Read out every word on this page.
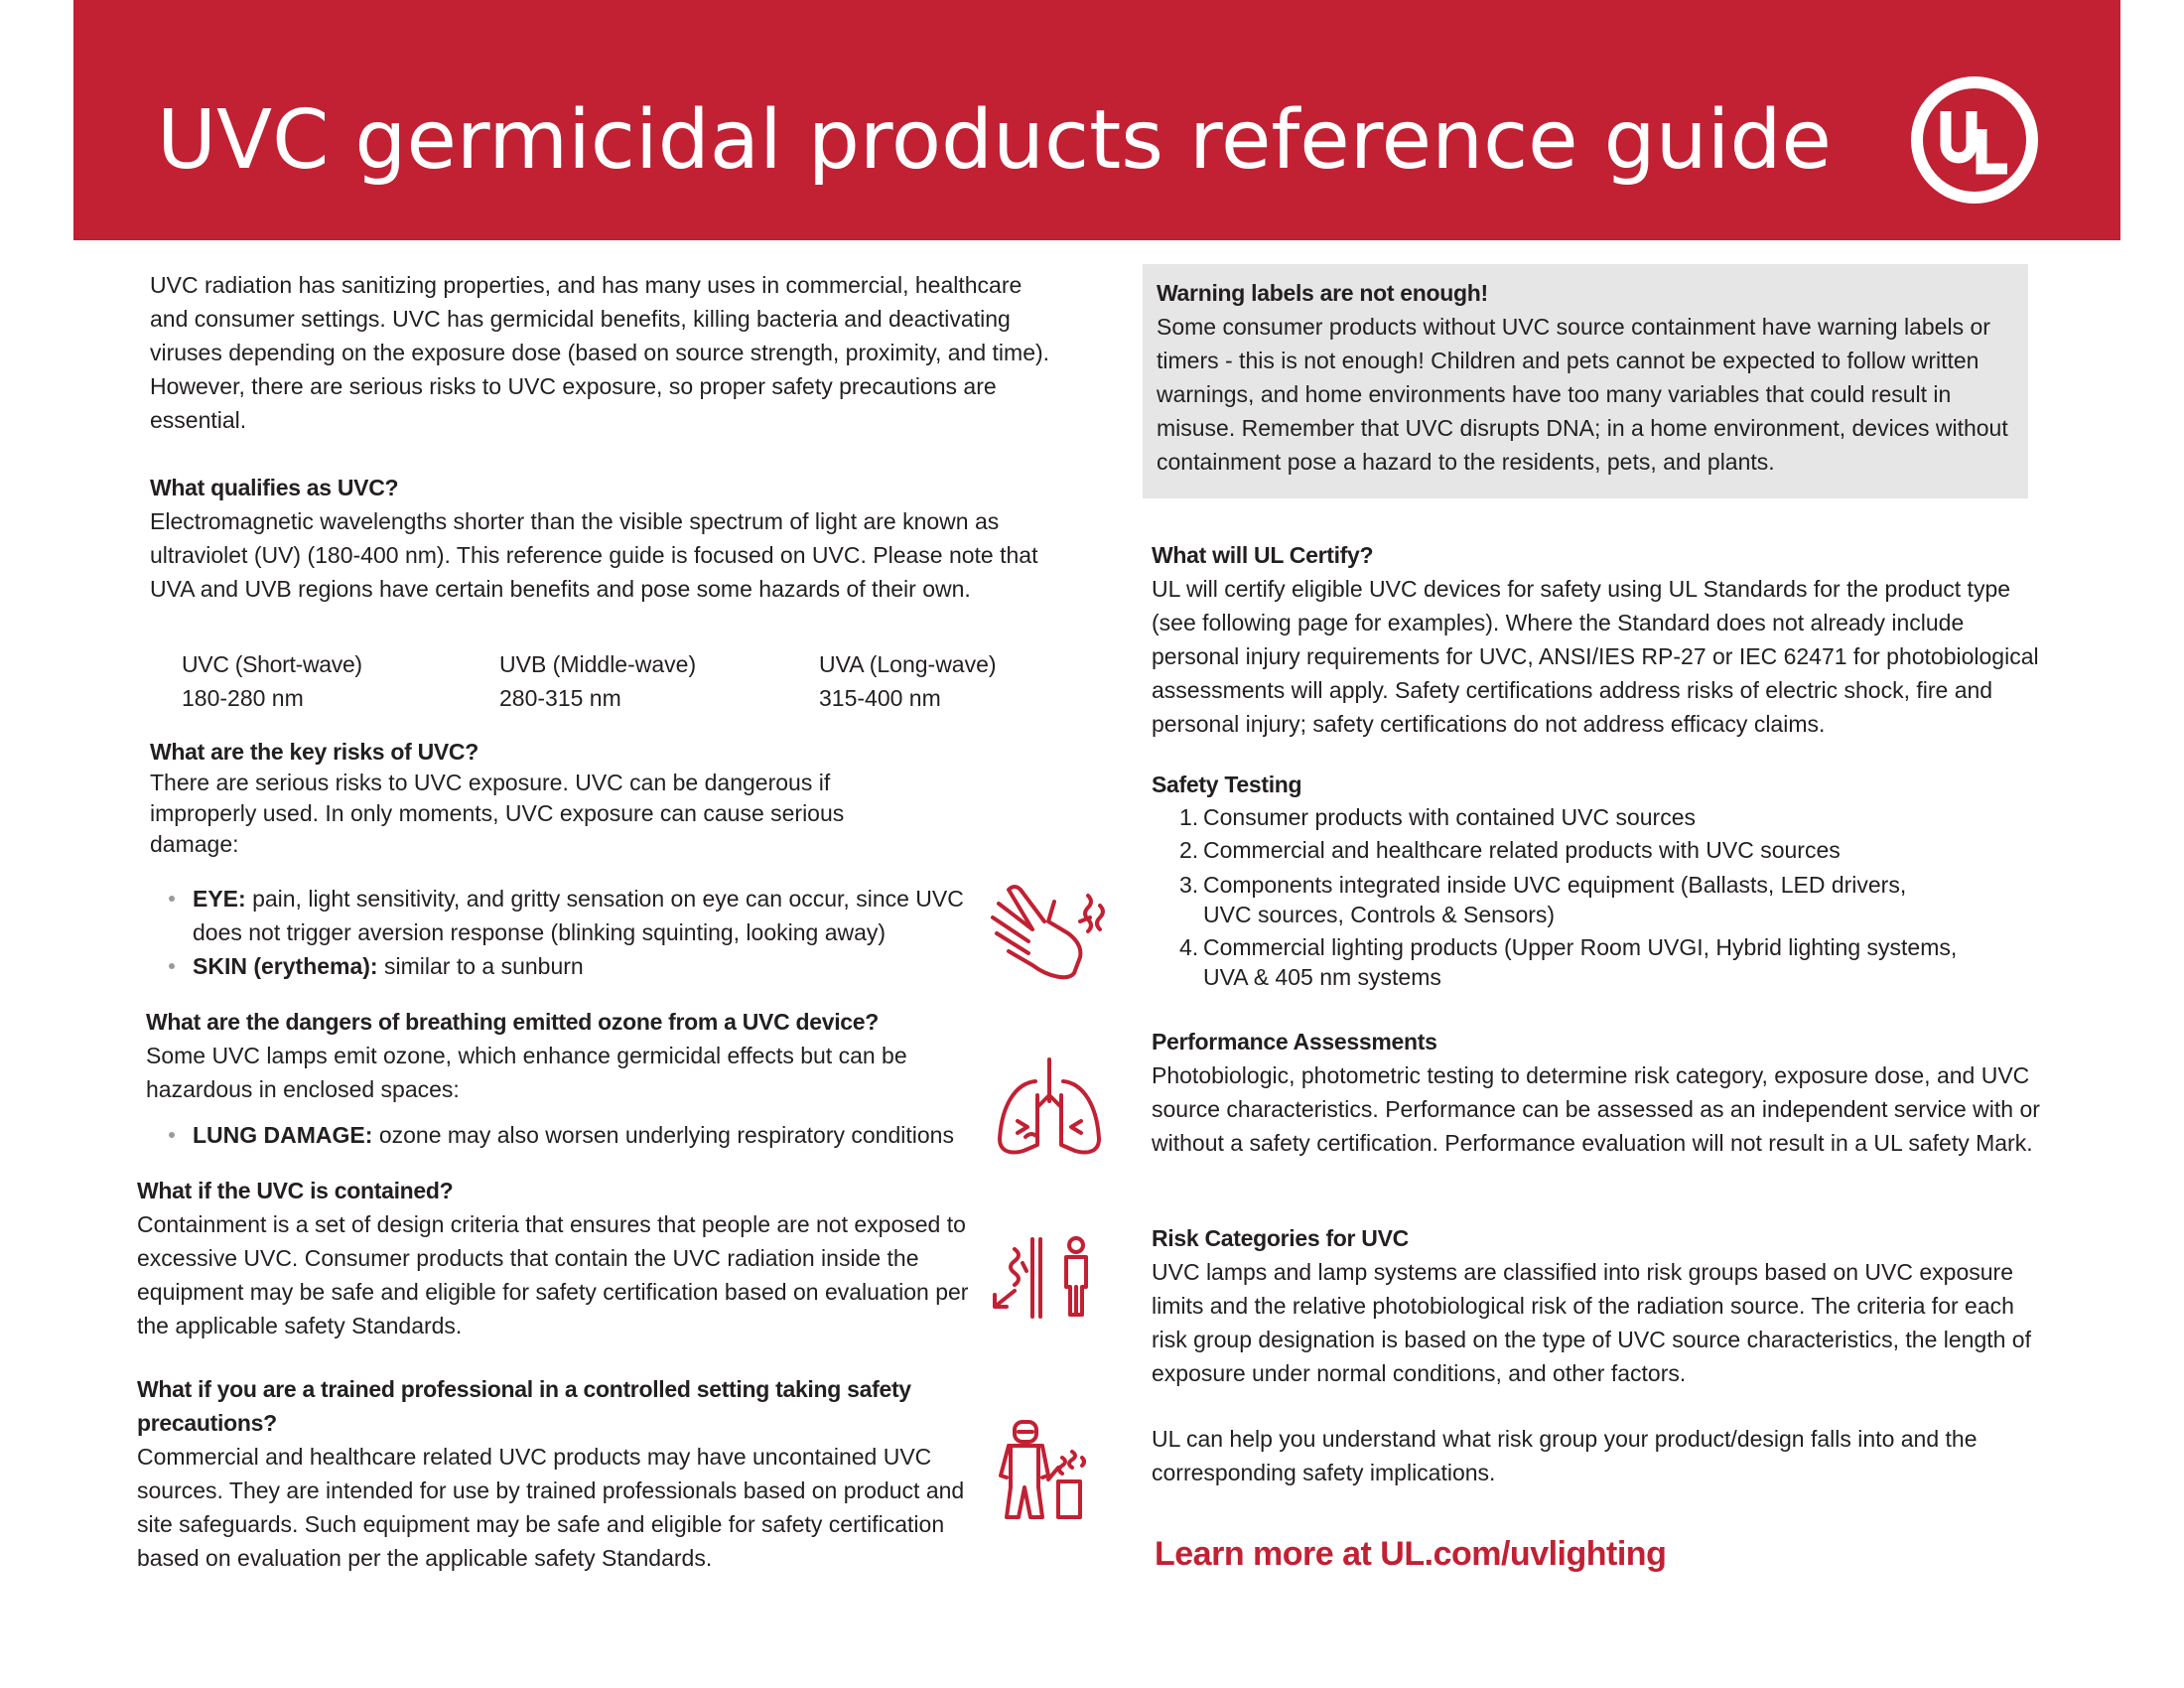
UVC germicidal products reference guide

UVC radiation has sanitizing properties, and has many uses in commercial, healthcare and consumer settings. UVC has germicidal benefits, killing bacteria and deactivating viruses depending on the exposure dose (based on source strength, proximity, and time). However, there are serious risks to UVC exposure, so proper safety precautions are essential.

What qualifies as UVC?

Electromagnetic wavelengths shorter than the visible spectrum of light are known as ultraviolet (UV) (180-400 nm). This reference guide is focused on UVC. Please note that UVA and UVB regions have certain benefits and pose some hazards of their own.

UVC (Short-wave)
180-280 nm
UVB (Middle-wave)
280-315 nm
UVA (Long-wave)
315-400 nm

What are the key risks of UVC?

There are serious risks to UVC exposure. UVC can be dangerous if improperly used. In only moments, UVC exposure can cause serious damage:

EYE: pain, light sensitivity, and gritty sensation on eye can occur, since UVC does not trigger aversion response (blinking squinting, looking away)
SKIN (erythema): similar to a sunburn

What are the dangers of breathing emitted ozone from a UVC device?

Some UVC lamps emit ozone, which enhance germicidal effects but can be hazardous in enclosed spaces:

LUNG DAMAGE: ozone may also worsen underlying respiratory conditions

What if the UVC is contained?

Containment is a set of design criteria that ensures that people are not exposed to excessive UVC. Consumer products that contain the UVC radiation inside the equipment may be safe and eligible for safety certification based on evaluation per the applicable safety Standards.

What if you are a trained professional in a controlled setting taking safety precautions?

Commercial and healthcare related UVC products may have uncontained UVC sources. They are intended for use by trained professionals based on product and site safeguards. Such equipment may be safe and eligible for safety certification based on evaluation per the applicable safety Standards.

Warning labels are not enough!

Some consumer products without UVC source containment have warning labels or timers - this is not enough! Children and pets cannot be expected to follow written warnings, and home environments have too many variables that could result in misuse. Remember that UVC disrupts DNA; in a home environment, devices without containment pose a hazard to the residents, pets, and plants.

What will UL Certify?

UL will certify eligible UVC devices for safety using UL Standards for the product type (see following page for examples). Where the Standard does not already include personal injury requirements for UVC, ANSI/IES RP-27 or IEC 62471 for photobiological assessments will apply. Safety certifications address risks of electric shock, fire and personal injury; safety certifications do not address efficacy claims.

Safety Testing

1. Consumer products with contained UVC sources
2. Commercial and healthcare related products with UVC sources
3. Components integrated inside UVC equipment (Ballasts, LED drivers, UVC sources, Controls & Sensors)
4. Commercial lighting products (Upper Room UVGI, Hybrid lighting systems, UVA & 405 nm systems

Performance Assessments

Photobiologic, photometric testing to determine risk category, exposure dose, and UVC source characteristics. Performance can be assessed as an independent service with or without a safety certification. Performance evaluation will not result in a UL safety Mark.

Risk Categories for UVC

UVC lamps and lamp systems are classified into risk groups based on UVC exposure limits and the relative photobiological risk of the radiation source. The criteria for each risk group designation is based on the type of UVC source characteristics, the length of exposure under normal conditions, and other factors.

UL can help you understand what risk group your product/design falls into and the corresponding safety implications.

Learn more at UL.com/uvlighting
